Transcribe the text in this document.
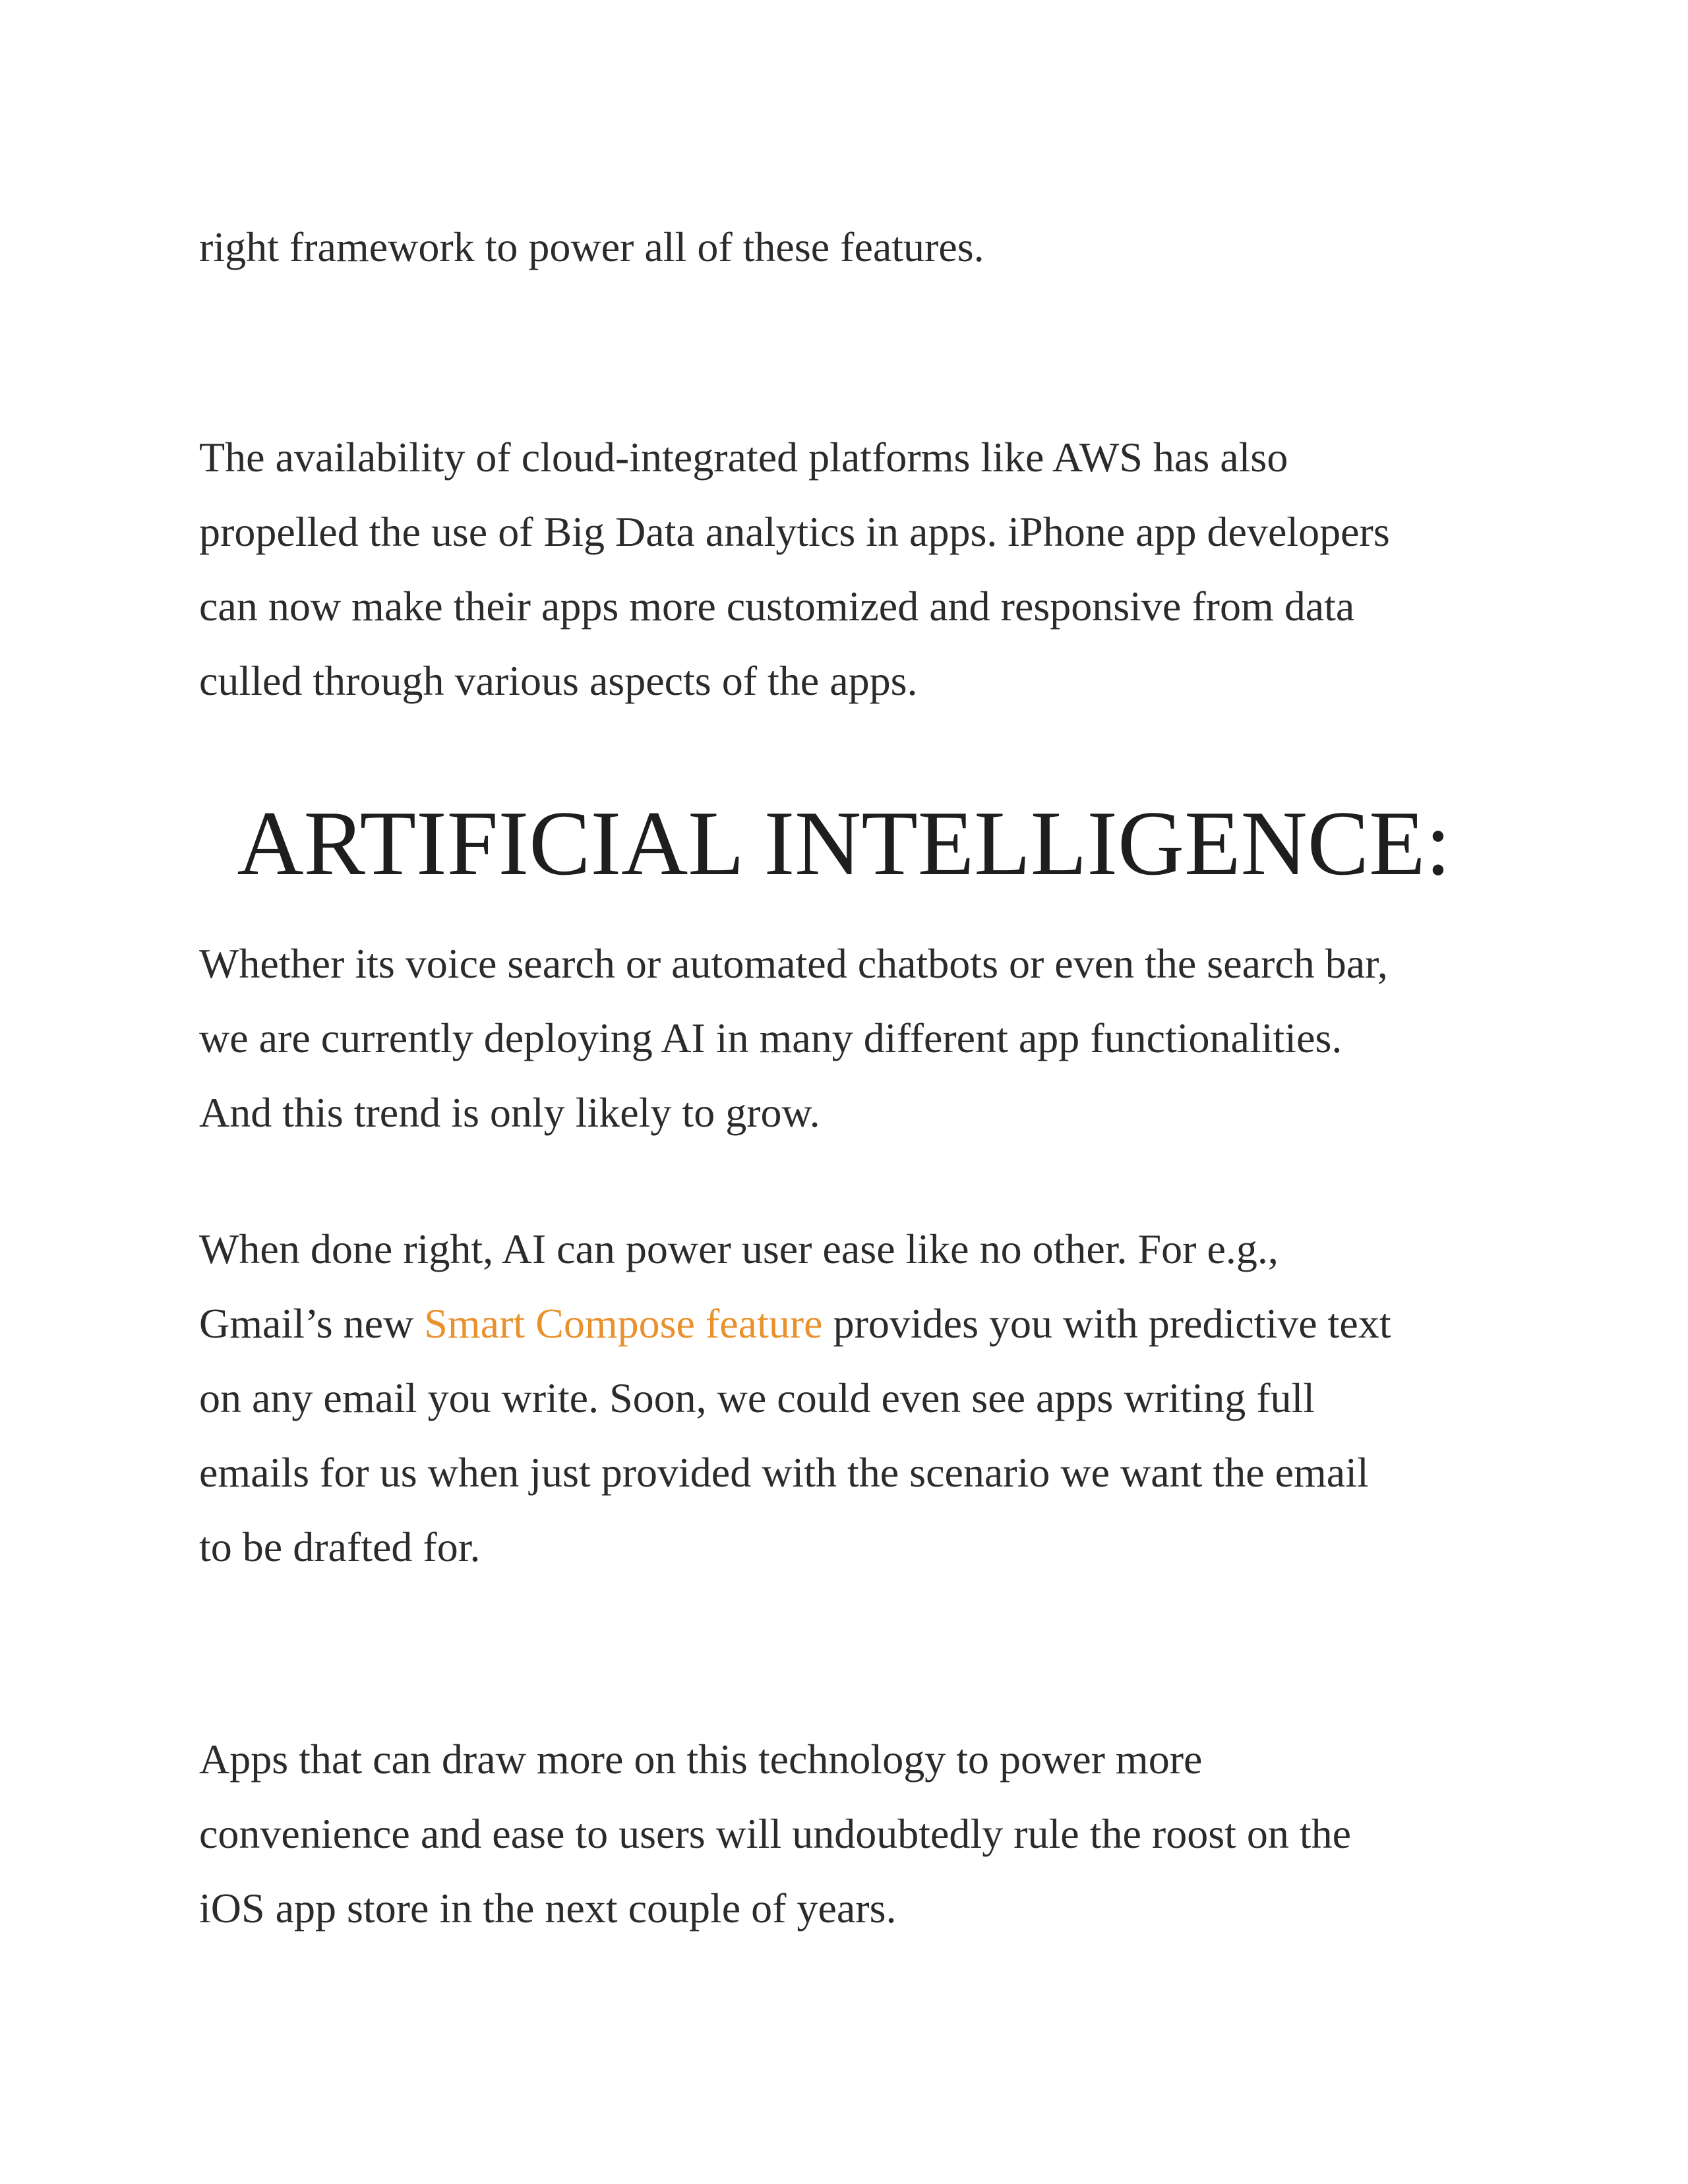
right framework to power all of these features.

The availability of cloud-integrated platforms like AWS has also
propelled the use of Big Data analytics in apps. iPhone app developers
can now make their apps more customized and responsive from data
culled through various aspects of the apps.

ARTIFICIAL INTELLIGENCE:

Whether its voice search or automated chatbots or even the search bar,
we are currently deploying AI in many different app functionalities.
And this trend is only likely to grow.

When done right, AI can power user ease like no other. For e.g.,
Gmail’s new Smart Compose feature provides you with predictive text
on any email you write. Soon, we could even see apps writing full
emails for us when just provided with the scenario we want the email
to be drafted for.

Apps that can draw more on this technology to power more
convenience and ease to users will undoubtedly rule the roost on the
iOS app store in the next couple of years.
